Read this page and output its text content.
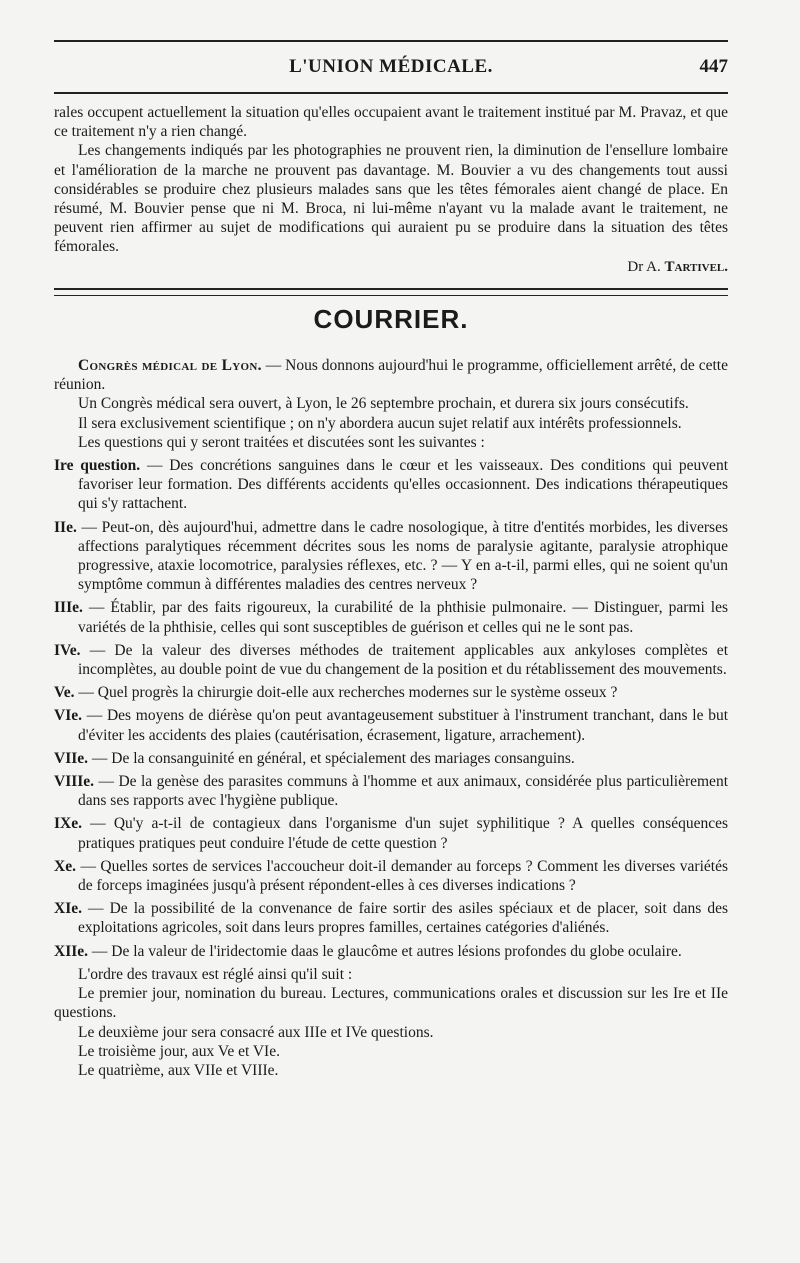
L'UNION MÉDICALE.	447

rales occupent actuellement la situation qu'elles occupaient avant le traitement institué par M. Pravaz, et que ce traitement n'y a rien changé.

Les changements indiqués par les photographies ne prouvent rien, la diminution de l'ensellure lombaire et l'amélioration de la marche ne prouvent pas davantage. M. Bouvier a vu des changements tout aussi considérables se produire chez plusieurs malades sans que les têtes fémorales aient changé de place. En résumé, M. Bouvier pense que ni M. Broca, ni lui-même n'ayant vu la malade avant le traitement, ne peuvent rien affirmer au sujet de modifications qui auraient pu se produire dans la situation des têtes fémorales.

Dr A. Tartivel.
COURRIER.

Congrès médical de Lyon. — Nous donnons aujourd'hui le programme, officiellement arrêté, de cette réunion.

Un Congrès médical sera ouvert, à Lyon, le 26 septembre prochain, et durera six jours consécutifs.

Il sera exclusivement scientifique ; on n'y abordera aucun sujet relatif aux intérêts professionnels.

Les questions qui y seront traitées et discutées sont les suivantes :

Ire question. — Des concrétions sanguines dans le cœur et les vaisseaux. Des conditions qui peuvent favoriser leur formation. Des différents accidents qu'elles occasionnent. Des indications thérapeutiques qui s'y rattachent.

IIe. — Peut-on, dès aujourd'hui, admettre dans le cadre nosologique, à titre d'entités morbides, les diverses affections paralytiques récemment décrites sous les noms de paralysie agitante, paralysie atrophique progressive, ataxie locomotrice, paralysies réflexes, etc. ? — Y en a-t-il, parmi elles, qui ne soient qu'un symptôme commun à différentes maladies des centres nerveux ?

IIIe. — Établir, par des faits rigoureux, la curabilité de la phthisie pulmonaire. — Distinguer, parmi les variétés de la phthisie, celles qui sont susceptibles de guérison et celles qui ne le sont pas.

IVe. — De la valeur des diverses méthodes de traitement applicables aux ankyloses complètes et incomplètes, au double point de vue du changement de la position et du rétablissement des mouvements.

Ve. — Quel progrès la chirurgie doit-elle aux recherches modernes sur le système osseux ?

VIe. — Des moyens de diérèse qu'on peut avantageusement substituer à l'instrument tranchant, dans le but d'éviter les accidents des plaies (cautérisation, écrasement, ligature, arrachement).

VIIe. — De la consanguinité en général, et spécialement des mariages consanguins.

VIIIe. — De la genèse des parasites communs à l'homme et aux animaux, considérée plus particulièrement dans ses rapports avec l'hygiène publique.

IXe. — Qu'y a-t-il de contagieux dans l'organisme d'un sujet syphilitique ? A quelles conséquences pratiques pratiques peut conduire l'étude de cette question ?

Xe. — Quelles sortes de services l'accoucheur doit-il demander au forceps ? Comment les diverses variétés de forceps imaginées jusqu'à présent répondent-elles à ces diverses indications ?

XIe. — De la possibilité de la convenance de faire sortir des asiles spéciaux et de placer, soit dans des exploitations agricoles, soit dans leurs propres familles, certaines catégories d'aliénés.

XIIe. — De la valeur de l'iridectomie daas le glaucôme et autres lésions profondes du globe oculaire.

L'ordre des travaux est réglé ainsi qu'il suit :

Le premier jour, nomination du bureau. Lectures, communications orales et discussion sur les Ire et IIe questions.

Le deuxième jour sera consacré aux IIIe et IVe questions.

Le troisième jour, aux Ve et VIe.

Le quatrième, aux VIIe et VIIIe.
